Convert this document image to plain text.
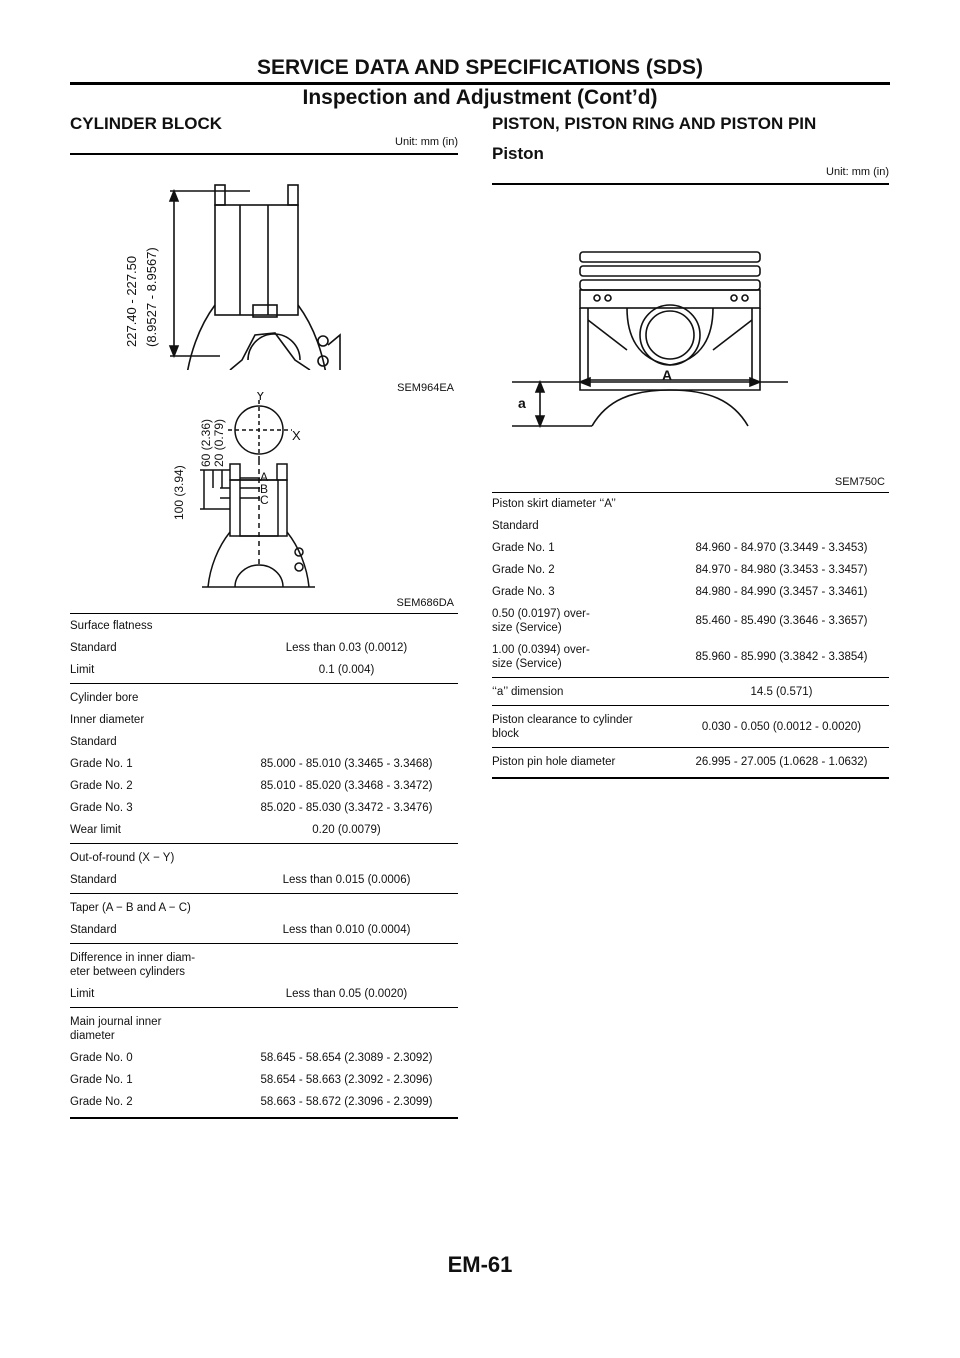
SERVICE DATA AND SPECIFICATIONS (SDS)
Inspection and Adjustment (Cont’d)
CYLINDER BLOCK
Unit: mm (in)
227.40 - 227.50 (8.9527 - 8.9567)
SEM964EA
Y
X
A
B
C
100 (3.94)
60 (2.36) 20 (0.79)
SEM686DA
Surface flatness	
Standard	Less than 0.03 (0.0012)
Limit	0.1 (0.004)
Cylinder bore	
Inner diameter	
Standard	
Grade No. 1	85.000 - 85.010 (3.3465 - 3.3468)
Grade No. 2	85.010 - 85.020 (3.3468 - 3.3472)
Grade No. 3	85.020 - 85.030 (3.3472 - 3.3476)
Wear limit	0.20 (0.0079)
Out-of-round (X − Y)	
Standard	Less than 0.015 (0.0006)
Taper (A − B and A − C)	
Standard	Less than 0.010 (0.0004)
Difference in inner diam-
eter between cylinders	
Limit	Less than 0.05 (0.0020)
Main journal inner
diameter	
Grade No. 0	58.645 - 58.654 (2.3089 - 2.3092)
Grade No. 1	58.654 - 58.663 (2.3092 - 2.3096)
Grade No. 2	58.663 - 58.672 (2.3096 - 2.3099)
PISTON, PISTON RING AND PISTON PIN
Piston
Unit: mm (in)
A
a
SEM750C
Piston skirt diameter ‘‘A’’	
Standard	
Grade No. 1	84.960 - 84.970 (3.3449 - 3.3453)
Grade No. 2	84.970 - 84.980 (3.3453 - 3.3457)
Grade No. 3	84.980 - 84.990 (3.3457 - 3.3461)
0.50 (0.0197) over-
size (Service)	85.460 - 85.490 (3.3646 - 3.3657)
1.00 (0.0394) over-
size (Service)	85.960 - 85.990 (3.3842 - 3.3854)
‘‘a’’ dimension	14.5 (0.571)
Piston clearance to cylinder
block	0.030 - 0.050 (0.0012 - 0.0020)
Piston pin hole diameter	26.995 - 27.005 (1.0628 - 1.0632)
EM-61
